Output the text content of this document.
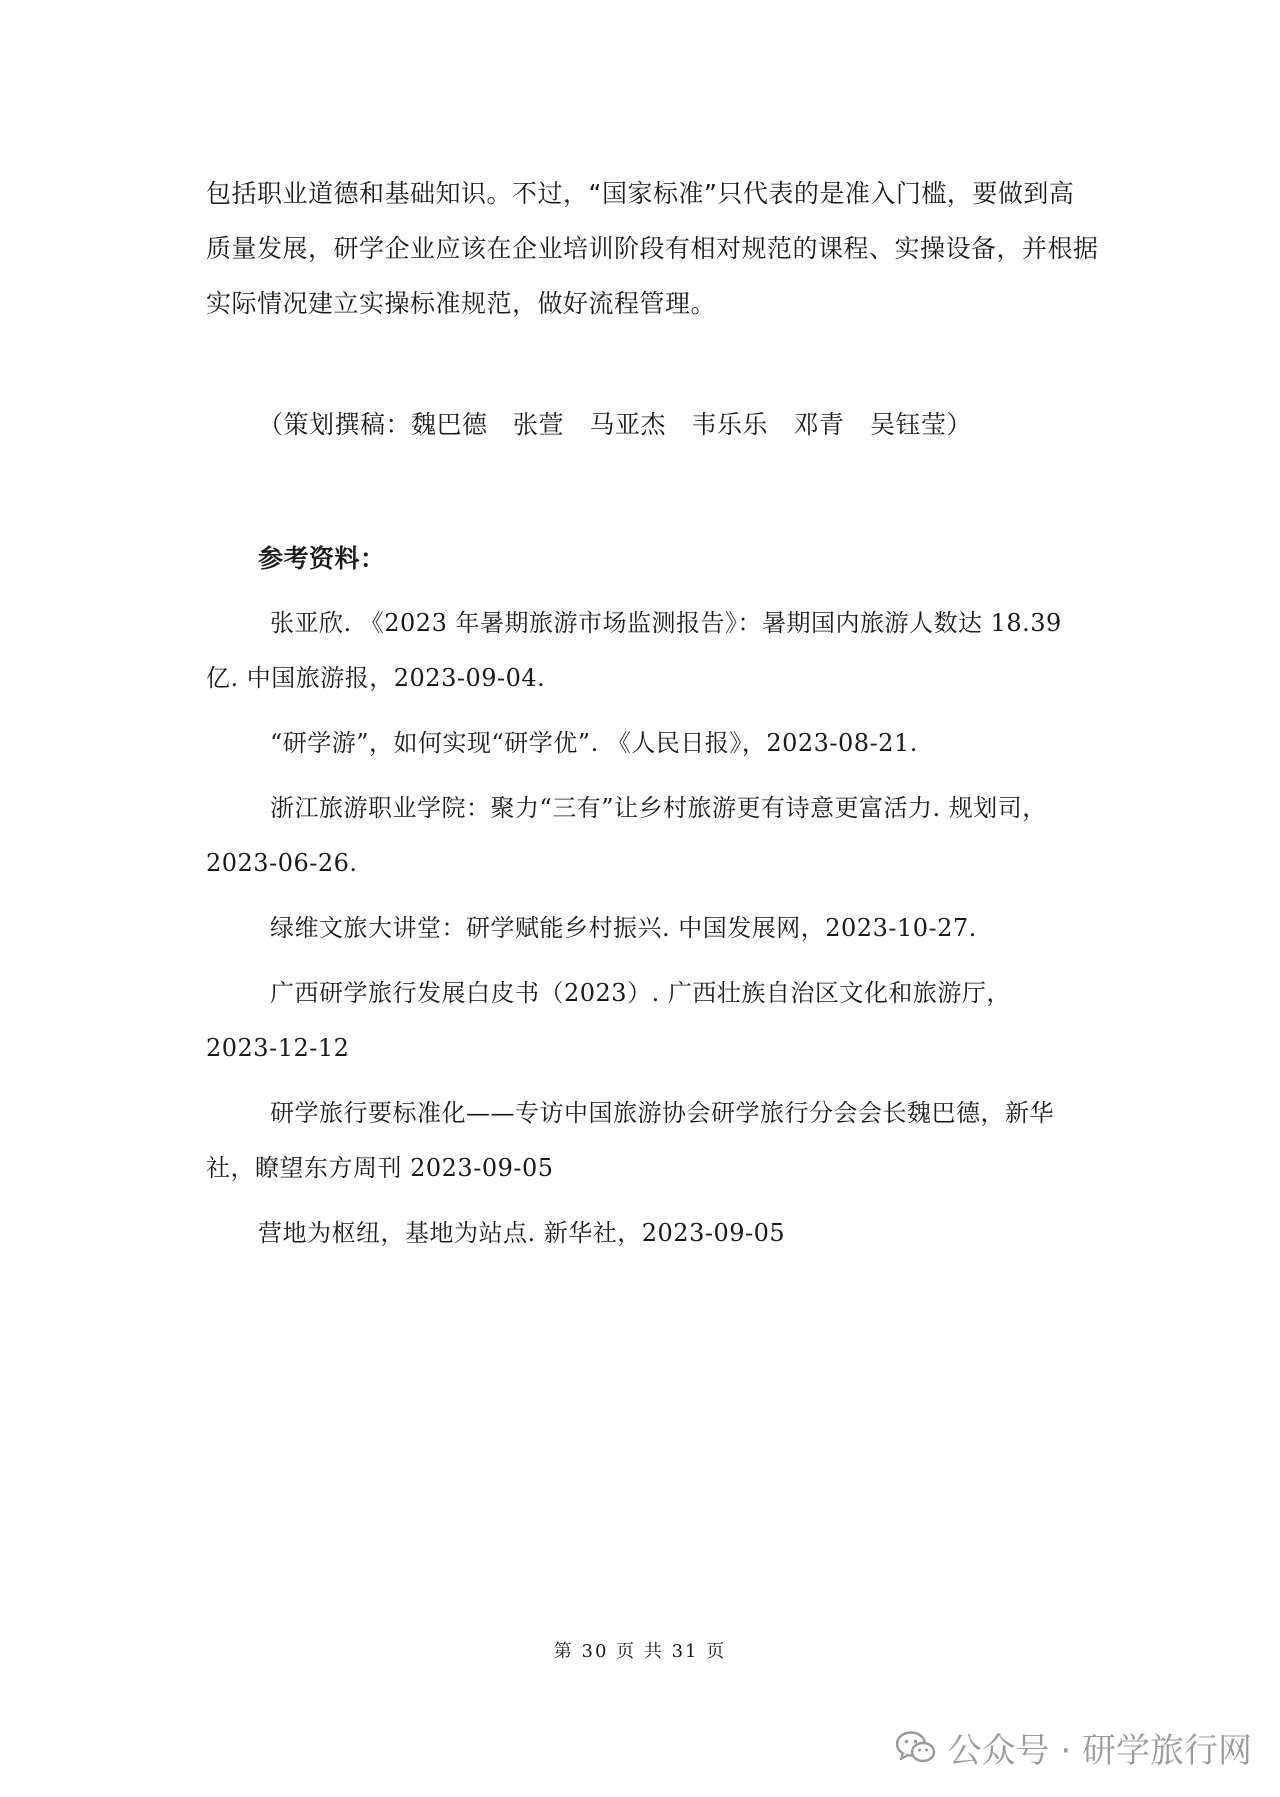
包括职业道德和基础知识。不过，“国家标准”只代表的是准入门槛，要做到高
质量发展，研学企业应该在企业培训阶段有相对规范的课程、实操设备，并根据
实际情况建立实操标准规范，做好流程管理。
（策划撰稿：魏巴德　张萱　马亚杰　韦乐乐　邓青　吴钰莹）
参考资料：
张亚欣. 《2023 年暑期旅游市场监测报告》：暑期国内旅游人数达 18.39
亿. 中国旅游报，2023-09-04.
“研学游”，如何实现“研学优”. 《人民日报》，2023-08-21.
浙江旅游职业学院：聚力“三有”让乡村旅游更有诗意更富活力. 规划司，
2023-06-26.
绿维文旅大讲堂：研学赋能乡村振兴. 中国发展网，2023-10-27.
广西研学旅行发展白皮书（2023）. 广西壮族自治区文化和旅游厅，
2023-12-12
研学旅行要标准化——专访中国旅游协会研学旅行分会会长魏巴德，新华
社，瞭望东方周刊 2023-09-05
营地为枢纽，基地为站点. 新华社，2023-09-05
第 30 页 共 31 页
公众号 · 研学旅行网
